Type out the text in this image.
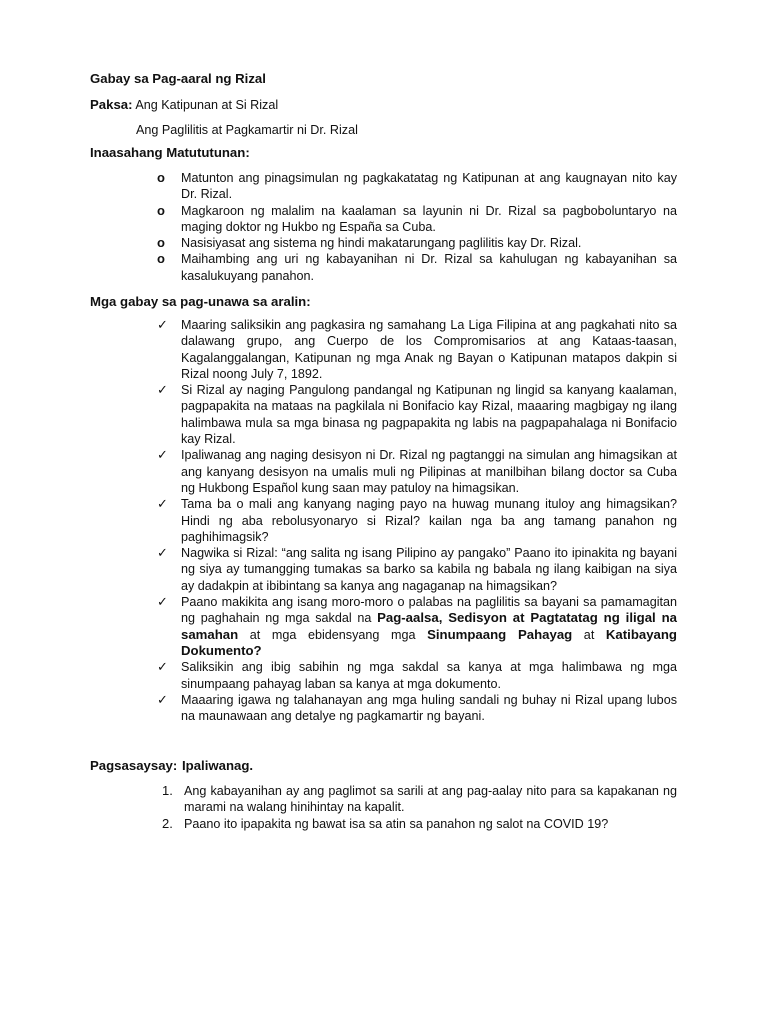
Gabay sa Pag-aaral ng Rizal
Paksa: Ang Katipunan at Si Rizal
Ang Paglilitis at Pagkamartir ni Dr. Rizal
Inaasahang Matututunan:
o Matunton ang pinagsimulan ng pagkakatatag ng Katipunan at ang kaugnayan nito kay Dr. Rizal.
o Magkaroon ng malalim na kaalaman sa layunin ni Dr. Rizal sa pagboboluntaryo na maging doktor ng Hukbo ng España sa Cuba.
o Nasisiyasat ang sistema ng hindi makatarungang paglilitis kay Dr. Rizal.
o Maihambing ang uri ng kabayanihan ni Dr. Rizal sa kahulugan ng kabayanihan sa kasalukuyang panahon.
Mga gabay sa pag-unawa sa aralin:
✓ Maaring saliksikin ang pagkasira ng samahang La Liga Filipina at ang pagkahati nito sa dalawang grupo, ang Cuerpo de los Compromisarios at ang Kataas-taasan, Kagalanggalangan, Katipunan ng mga Anak ng Bayan o Katipunan matapos dakpin si Rizal noong July 7, 1892.
✓ Si Rizal ay naging Pangulong pandangal ng Katipunan ng lingid sa kanyang kaalaman, pagpapakita na mataas na pagkilala ni Bonifacio kay Rizal, maaaring magbigay ng ilang halimbawa mula sa mga binasa ng pagpapakita ng labis na pagpapahalaga ni Bonifacio kay Rizal.
✓ Ipaliwanag ang naging desisyon ni Dr. Rizal ng pagtanggi na simulan ang himagsikan at ang kanyang desisyon na umalis muli ng Pilipinas at manilbihan bilang doctor sa Cuba ng Hukbong Español kung saan may patuloy na himagsikan.
✓ Tama ba o mali ang kanyang naging payo na huwag munang ituloy ang himagsikan? Hindi ng aba rebolusyonaryo si Rizal? kailan nga ba ang tamang panahon ng paghihimagsik?
✓ Nagwika si Rizal: “ang salita ng isang Pilipino ay pangako” Paano ito ipinakita ng bayani ng siya ay tumangging tumakas sa barko sa kabila ng babala ng ilang kaibigan na siya ay dadakpin at ibibintang sa kanya ang nagaganap na himagsikan?
✓ Paano makikita ang isang moro-moro o palabas na paglilitis sa bayani sa pamamagitan ng paghahain ng mga sakdal na Pag-aalsa, Sedisyon at Pagtatatag ng iligal na samahan at mga ebidensyang mga Sinumpaang Pahayag at Katibayang Dokumento?
✓ Saliksikin ang ibig sabihin ng mga sakdal sa kanya at mga halimbawa ng mga sinumpaang pahayag laban sa kanya at mga dokumento.
✓ Maaaring igawa ng talahanayan ang mga huling sandali ng buhay ni Rizal upang lubos na maunawaan ang detalye ng pagkamartir ng bayani.
Pagsasaysay: Ipaliwanag.
1. Ang kabayanihan ay ang paglimot sa sarili at ang pag-aalay nito para sa kapakanan ng marami na walang hinihintay na kapalit.
2. Paano ito ipapakita ng bawat isa sa atin sa panahon ng salot na COVID 19?
